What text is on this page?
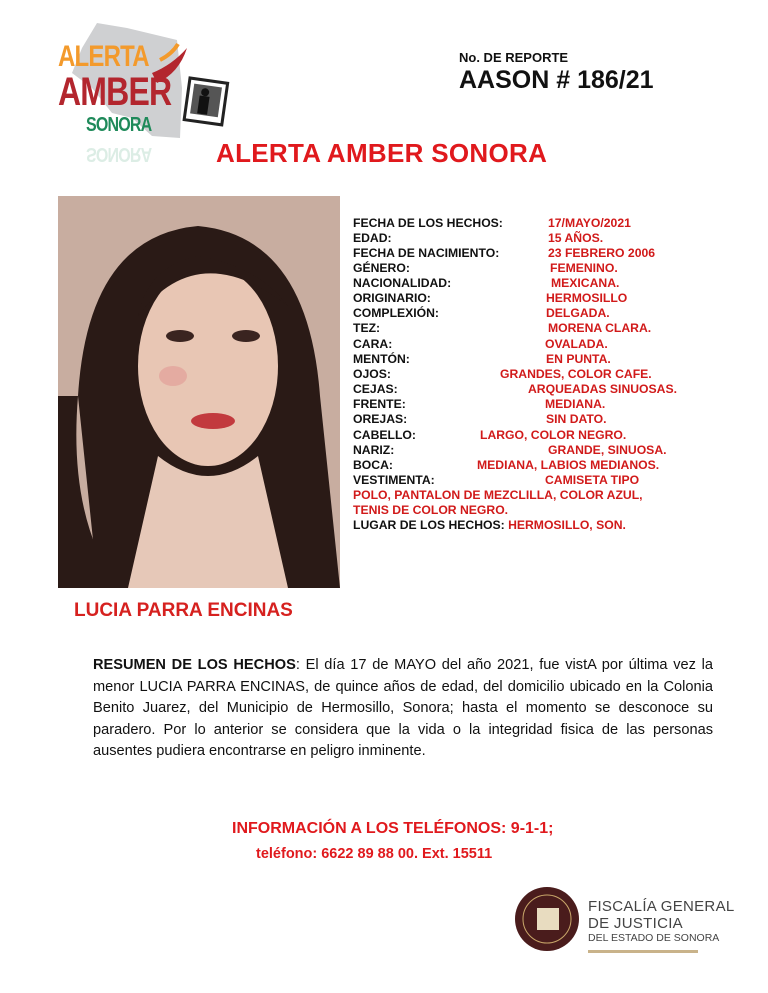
ALERTA
AMBER
SONORA
SONORA
No. DE REPORTE
AASON # 186/21
ALERTA AMBER SONORA
FECHA DE LOS HECHOS:	17/MAYO/2021
EDAD:	15 AÑOS.
FECHA DE NACIMIENTO:	23 FEBRERO 2006
GÉNERO:	FEMENINO.
NACIONALIDAD:	MEXICANA.
ORIGINARIO:	HERMOSILLO
COMPLEXIÓN:	DELGADA.
TEZ:	MORENA CLARA.
CARA:	OVALADA.
MENTÓN:	EN PUNTA.
OJOS:	GRANDES, COLOR CAFE.
CEJAS:	ARQUEADAS SINUOSAS.
FRENTE:	MEDIANA.
OREJAS:	SIN DATO.
CABELLO:	LARGO, COLOR NEGRO.
NARIZ:	GRANDE, SINUOSA.
BOCA:	MEDIANA, LABIOS MEDIANOS.
VESTIMENTA:	CAMISETA TIPO
POLO, PANTALON DE MEZCLILLA, COLOR AZUL,
TENIS DE COLOR NEGRO.
LUGAR DE LOS HECHOS: HERMOSILLO, SON.
LUCIA PARRA ENCINAS
RESUMEN DE LOS HECHOS: El día 17 de MAYO del año 2021, fue vistA por última vez la menor LUCIA PARRA ENCINAS, de quince años de edad, del domicilio ubicado en la Colonia Benito Juarez, del Municipio de Hermosillo, Sonora; hasta el momento se desconoce su paradero. Por lo anterior se considera que la vida o la integridad fisica de las personas ausentes pudiera encontrarse en peligro inminente.
INFORMACIÓN A LOS TELÉFONOS: 9-1-1;
teléfono: 6622 89 88 00. Ext. 15511
FISCALÍA GENERAL
DE JUSTICIA
DEL ESTADO DE SONORA
